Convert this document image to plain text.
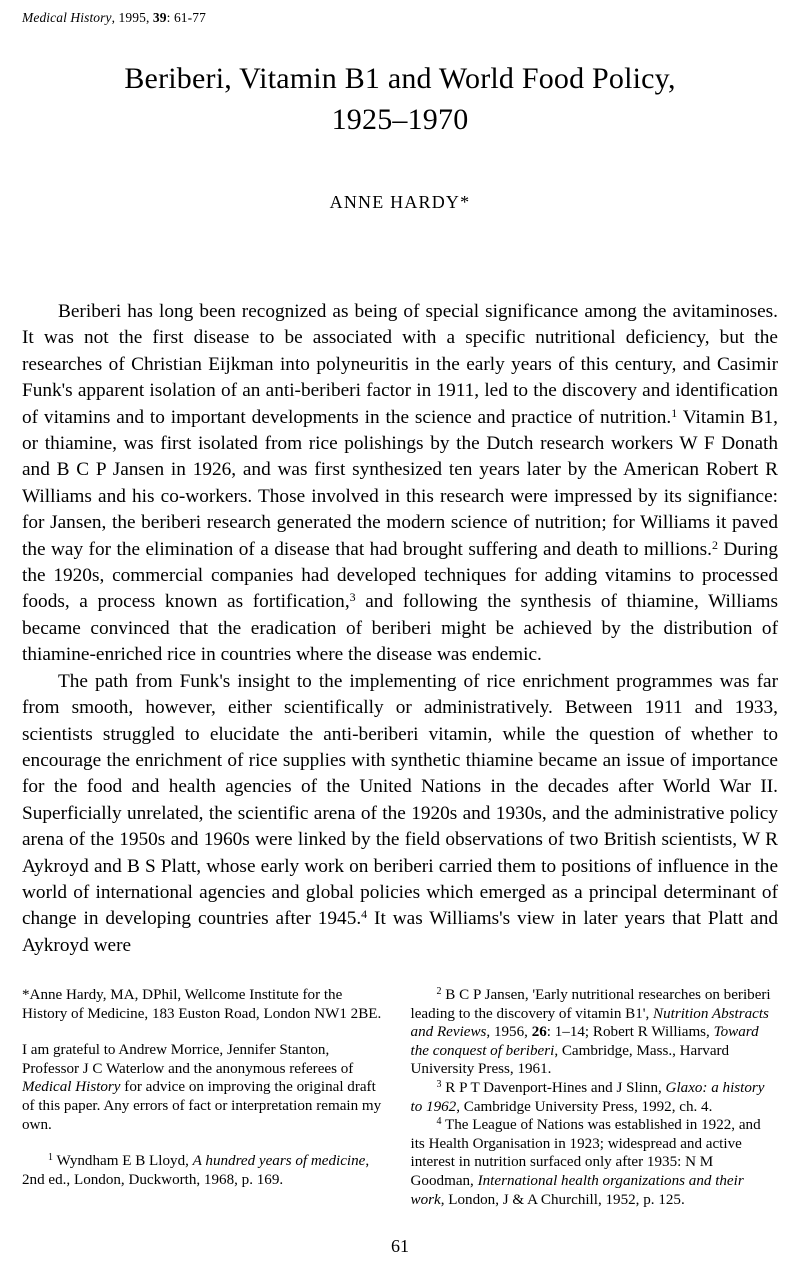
Medical History, 1995, 39: 61-77
Beriberi, Vitamin B1 and World Food Policy,
1925–1970
ANNE HARDY*

Beriberi has long been recognized as being of special significance among the avitaminoses. It was not the first disease to be associated with a specific nutritional deficiency, but the researches of Christian Eijkman into polyneuritis in the early years of this century, and Casimir Funk's apparent isolation of an anti-beriberi factor in 1911, led to the discovery and identification of vitamins and to important developments in the science and practice of nutrition.$^1$ Vitamin B1, or thiamine, was first isolated from rice polishings by the Dutch research workers W F Donath and B C P Jansen in 1926, and was first synthesized ten years later by the American Robert R Williams and his co-workers. Those involved in this research were impressed by its signifiance: for Jansen, the beriberi research generated the modern science of nutrition; for Williams it paved the way for the elimination of a disease that had brought suffering and death to millions.$^2$ During the 1920s, commercial companies had developed techniques for adding vitamins to processed foods, a process known as fortification,$^3$ and following the synthesis of thiamine, Williams became convinced that the eradication of beriberi might be achieved by the distribution of thiamine-enriched rice in countries where the disease was endemic.

The path from Funk's insight to the implementing of rice enrichment programmes was far from smooth, however, either scientifically or administratively. Between 1911 and 1933, scientists struggled to elucidate the anti-beriberi vitamin, while the question of whether to encourage the enrichment of rice supplies with synthetic thiamine became an issue of importance for the food and health agencies of the United Nations in the decades after World War II. Superficially unrelated, the scientific arena of the 1920s and 1930s, and the administrative policy arena of the 1950s and 1960s were linked by the field observations of two British scientists, W R Aykroyd and B S Platt, whose early work on beriberi carried them to positions of influence in the world of international agencies and global policies which emerged as a principal determinant of change in developing countries after 1945.$^4$ It was Williams's view in later years that Platt and Aykroyd were

*Anne Hardy, MA, DPhil, Wellcome Institute for the History of Medicine, 183 Euston Road, London NW1 2BE.

I am grateful to Andrew Morrice, Jennifer Stanton, Professor J C Waterlow and the anonymous referees of Medical History for advice on improving the original draft of this paper. Any errors of fact or interpretation remain my own.

$^1$ Wyndham E B Lloyd, A hundred years of medicine, 2nd ed., London, Duckworth, 1968, p. 169.

$^2$ B C P Jansen, 'Early nutritional researches on beriberi leading to the discovery of vitamin B1', Nutrition Abstracts and Reviews, 1956, 26: 1–14; Robert R Williams, Toward the conquest of beriberi, Cambridge, Mass., Harvard University Press, 1961.

$^3$ R P T Davenport-Hines and J Slinn, Glaxo: a history to 1962, Cambridge University Press, 1992, ch. 4.

$^4$ The League of Nations was established in 1922, and its Health Organisation in 1923; widespread and active interest in nutrition surfaced only after 1935: N M Goodman, International health organizations and their work, London, J & A Churchill, 1952, p. 125.

61
